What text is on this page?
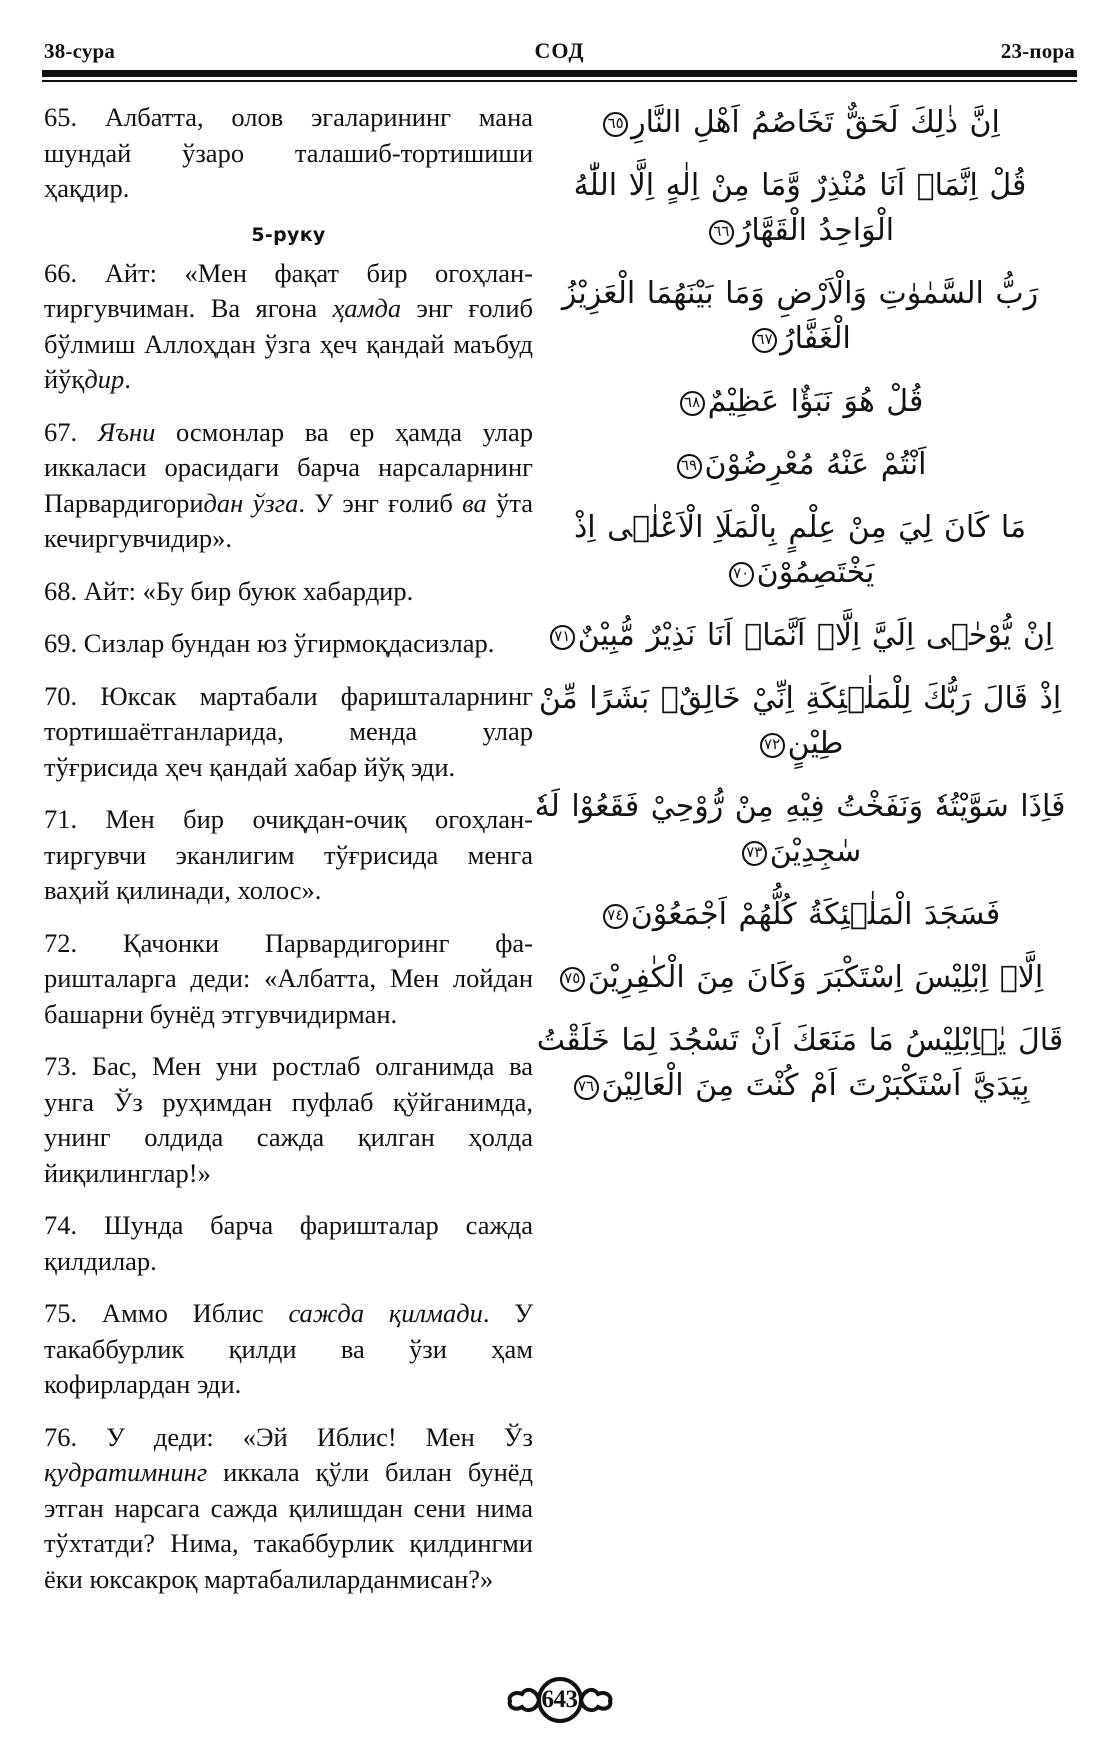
38-сура	СОД	23-пора

65. Албатта, олов эгаларининг мана шундай ўзаро талашиб-тортишиши ҳақдир.

5-руку

66. Айт: «Мен фақат бир огоҳлантиргувчиман. Ва ягона ҳамда энг ғолиб бўлмиш Аллоҳдан ўзга ҳеч қандай маъбуд йўқдир.

67. Яъни осмонлар ва ер ҳамда улар иккаласи орасидаги барча нарсаларнинг Парвардигоридан ўзга. У энг ғолиб ва ўта кечиргувчидир».

68. Айт: «Бу бир буюк хабардир.

69. Сизлар бундан юз ўгирмоқдасизлар.

70. Юксак мартабали фаришталарнинг тортишаётганларида, менда улар тўғрисида ҳеч қандай хабар йўқ эди.

71. Мен бир очиқдан-очиқ огоҳлантиргувчи эканлигим тўғрисида менга ваҳий қилинади, холос».

72. Қачонки Парвардигоринг фаришталарга деди: «Албатта, Мен лойдан башарни бунёд этгувчидирман.

73. Бас, Мен уни ростлаб олганимда ва унга Ўз руҳимдан пуфлаб қўйганимда, унинг олдида сажда қилган ҳолда йиқилинглар!»

74. Шунда барча фаришталар сажда қилдилар.

75. Аммо Иблис сажда қилмади. У такаббурлик қилди ва ўзи ҳам кофирлардан эди.

76. У деди: «Эй Иблис! Мен Ўз қудратимнинг иккала қўли билан бунёд этган нарсага сажда қилишдан сени нима тўхтатди? Нима, такаббурлик қилдингми ёки юксакроқ мартабалиларданмисан?»

اِنَّ ذٰلِكَ لَحَقٌّ تَخَاصُمُ اَهْلِ النَّارِ٦٥

قُلْ اِنَّمَاۤ اَنَا مُنْذِرٌ وَّمَا مِنْ اِلٰهٍ اِلَّا اللّٰهُ الْوَاحِدُ الْقَهَّارُ٦٦

رَبُّ السَّمٰوٰتِ وَالْاَرْضِ وَمَا بَيْنَهُمَا الْعَزِيْزُ الْغَفَّارُ٦٧

قُلْ هُوَ نَبَؤٌا عَظِيْمٌ٦٨

اَنْتُمْ عَنْهُ مُعْرِضُوْنَ٦٩

مَا كَانَ لِيَ مِنْ عِلْمٍ بِالْمَلَاِ الْاَعْلٰۤى اِذْ يَخْتَصِمُوْنَ٧٠

اِنْ يُّوْحٰۤى اِلَيَّ اِلَّاۤ اَنَّمَاۤ اَنَا نَذِيْرٌ مُّبِيْنٌ٧١

اِذْ قَالَ رَبُّكَ لِلْمَلٰۤئِكَةِ اِنِّيْ خَالِقٌۢ بَشَرًا مِّنْ طِيْنٍ٧٢

فَاِذَا سَوَّيْتُهٗ وَنَفَخْتُ فِيْهِ مِنْ رُّوْحِيْ فَقَعُوْا لَهٗ سٰجِدِيْنَ٧٣

فَسَجَدَ الْمَلٰۤئِكَةُ كُلُّهُمْ اَجْمَعُوْنَ٧٤

اِلَّاۤ اِبْلِيْسَ اِسْتَكْبَرَ وَكَانَ مِنَ الْكٰفِرِيْنَ٧٥

قَالَ يٰۤاِبْلِيْسُ مَا مَنَعَكَ اَنْ تَسْجُدَ لِمَا خَلَقْتُ بِيَدَيَّ اَسْتَكْبَرْتَ اَمْ كُنْتَ مِنَ الْعَالِيْنَ٧٦

643
